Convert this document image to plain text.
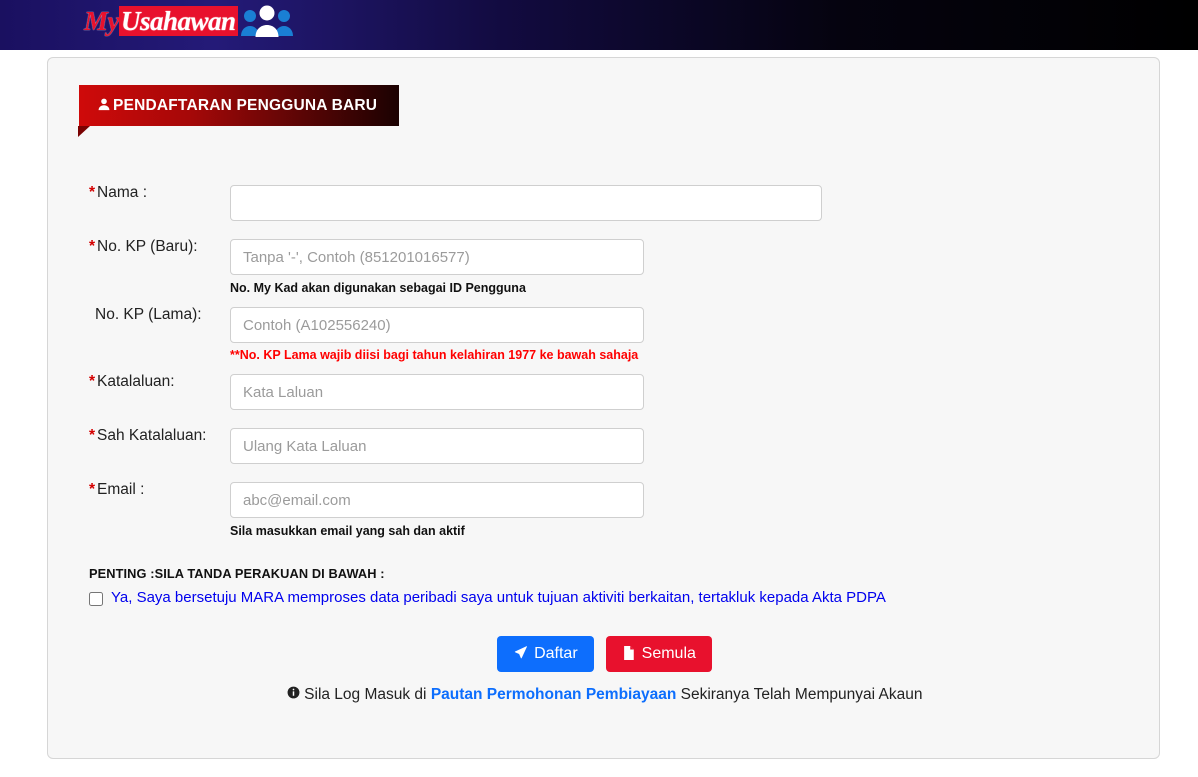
MyUsahawan
PENDAFTARAN PENGGUNA BARU
* Nama :
* No. KP (Baru):
Tanpa '-', Contoh (851201016577)
No. My Kad akan digunakan sebagai ID Pengguna
No. KP (Lama):
Contoh (A102556240)
**No. KP Lama wajib diisi bagi tahun kelahiran 1977 ke bawah sahaja
* Katalaluan:
* Sah Katalaluan:
* Email :
abc@email.com
Sila masukkan email yang sah dan aktif
PENTING :SILA TANDA PERAKUAN DI BAWAH :
Ya, Saya bersetuju MARA memproses data peribadi saya untuk tujuan aktiviti berkaitan, tertakluk kepada Akta PDPA
Daftar	Semula
Sila Log Masuk di Pautan Permohonan Pembiayaan Sekiranya Telah Mempunyai Akaun
